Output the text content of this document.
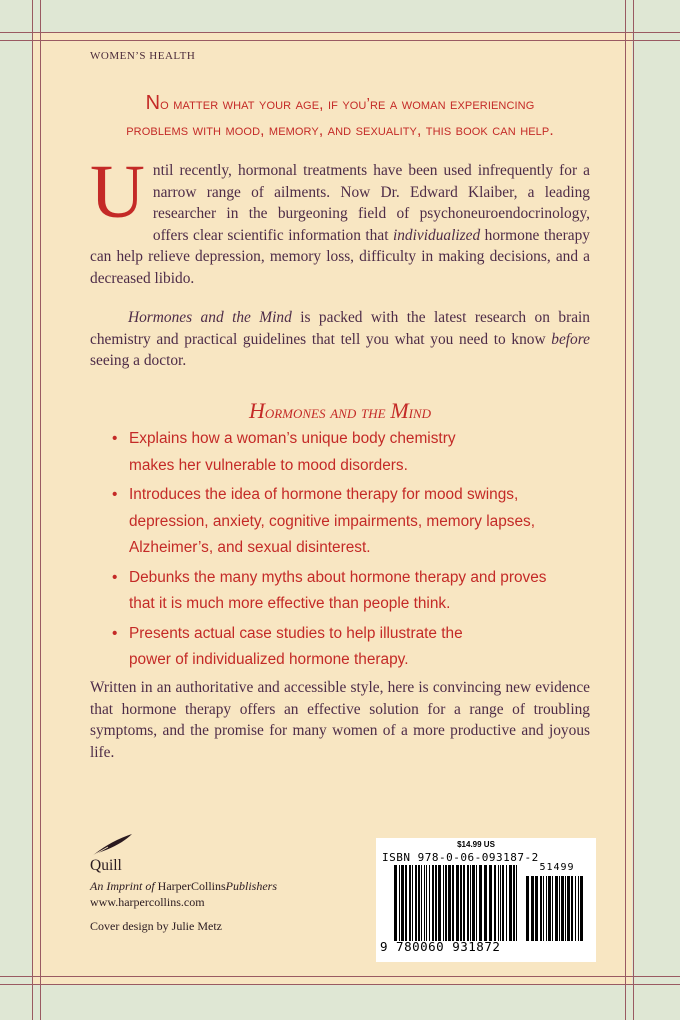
WOMEN’S HEALTH
No matter what your age, if you’re a woman experiencing
problems with mood, memory, and sexuality, this book can help.

Until recently, hormonal treatments have been used infrequently for a narrow range of ailments. Now Dr. Edward Klaiber, a leading researcher in the burgeoning field of psychoneuroendocrinology, offers clear scientific information that individualized hormone therapy can help relieve depression, memory loss, difficulty in making decisions, and a decreased libido.

Hormones and the Mind is packed with the latest research on brain chemistry and practical guidelines that tell you what you need to know before seeing a doctor.

Hormones and the Mind
• Explains how a woman’s unique body chemistry
makes her vulnerable to mood disorders.
• Introduces the idea of hormone therapy for mood swings,
depression, anxiety, cognitive impairments, memory lapses,
Alzheimer’s, and sexual disinterest.
• Debunks the many myths about hormone therapy and proves
that it is much more effective than people think.
• Presents actual case studies to help illustrate the
power of individualized hormone therapy.

Written in an authoritative and accessible style, here is convincing new evidence that hormone therapy offers an effective solution for a range of troubling symptoms, and the promise for many women of a more productive and joyous life.

Quill
An Imprint of HarperCollinsPublishers
www.harpercollins.com
Cover design by Julie Metz
$14.99 US
ISBN 978-0-06-093187-2
51499
9 780060 931872
